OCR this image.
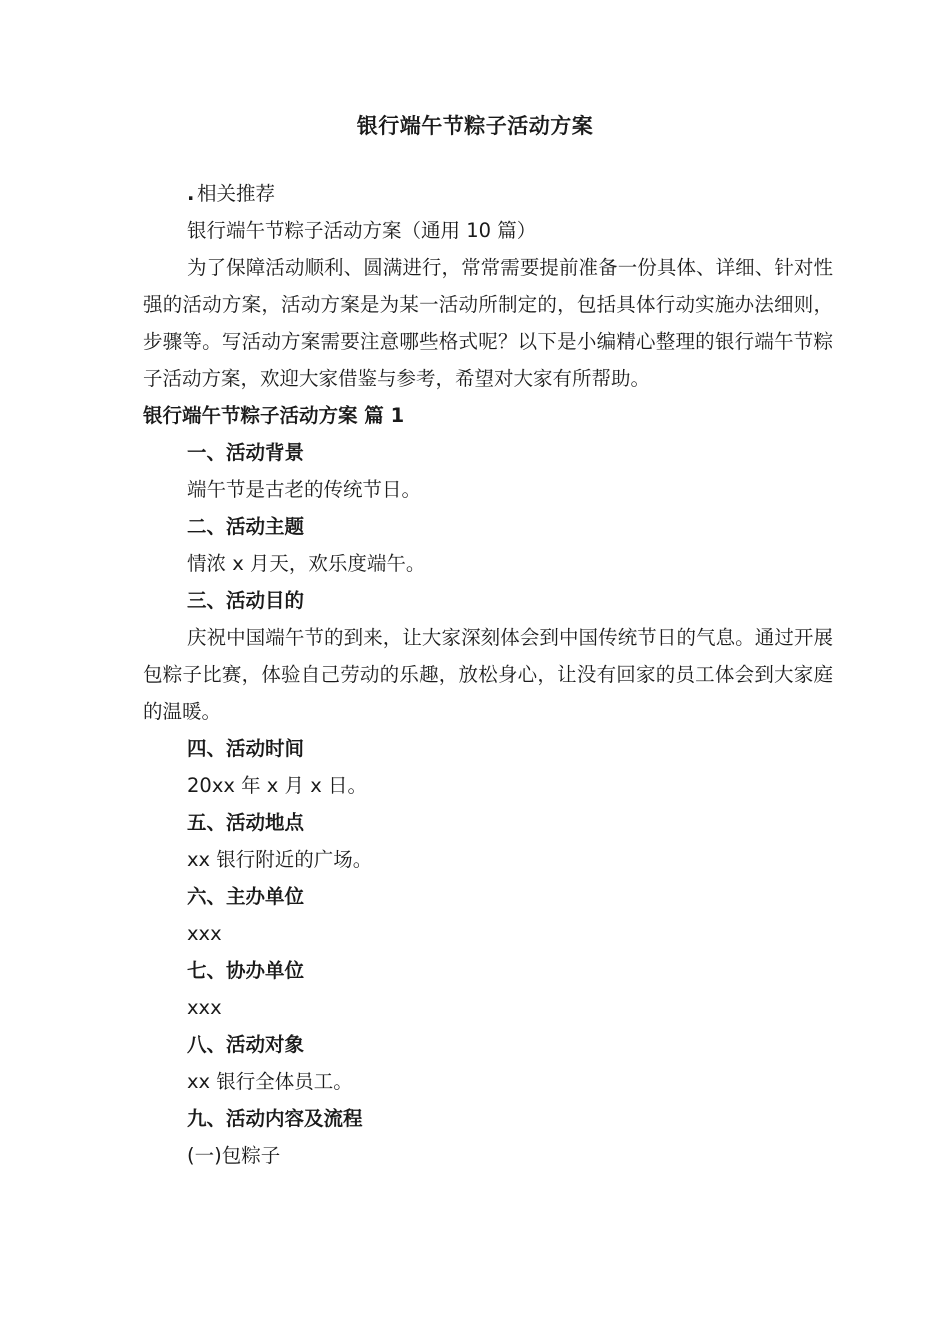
银行端午节粽子活动方案

. 相关推荐

银行端午节粽子活动方案（通用 10 篇）

为了保障活动顺利、圆满进行，常常需要提前准备一份具体、详细、针对性强的活动方案，活动方案是为某一活动所制定的，包括具体行动实施办法细则，步骤等。写活动方案需要注意哪些格式呢？以下是小编精心整理的银行端午节粽子活动方案，欢迎大家借鉴与参考，希望对大家有所帮助。

银行端午节粽子活动方案 篇 1

一、活动背景

端午节是古老的传统节日。

二、活动主题

情浓 x 月天，欢乐度端午。

三、活动目的

庆祝中国端午节的到来，让大家深刻体会到中国传统节日的气息。通过开展包粽子比赛，体验自己劳动的乐趣，放松身心，让没有回家的员工体会到大家庭的温暖。

四、活动时间

20xx 年 x 月 x 日。

五、活动地点

xx 银行附近的广场。

六、主办单位

xxx

七、协办单位

xxx

八、活动对象

xx 银行全体员工。

九、活动内容及流程

(一)包粽子
